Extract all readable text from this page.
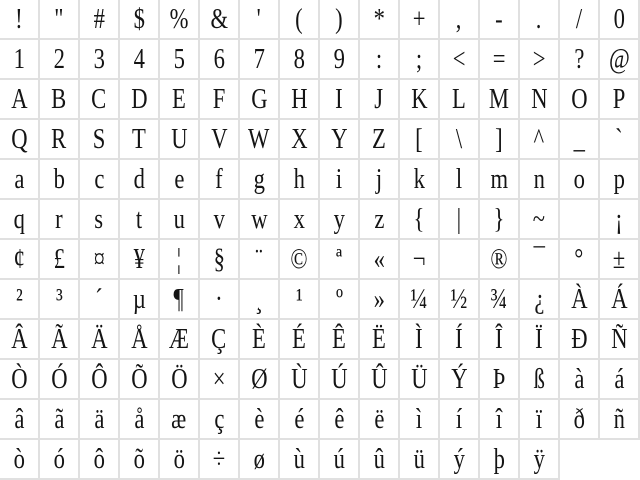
! " # $ % & ' ( ) * + , - . / 0
1 2 3 4 5 6 7 8 9 : ; < = > ? @
A B C D E F G H I J K L M N O P
Q R S T U V W X Y Z [ \ ] ^ _ `
a b c d e f g h i j k l m n o p
q r s t u v w x y z { | } ~
¡
¢ £ ¤ ¥ ¦ § ¨ © ª « ¬ ® ¯ ° ±
² ³ ´ µ ¶ · ¸ ¹ º » ¼ ½ ¾ ¿ À Á
Â Ã Ä Å Æ Ç È É Ê Ë Ì Í Î Ï Ð Ñ
Ò Ó Ô Õ Ö × Ø Ù Ú Û Ü Ý Þ ß à á
â ã ä å æ ç è é ê ë ì í î ï ð ñ
ò ó ô õ ö ÷ ø ù ú û ü ý þ ÿ
